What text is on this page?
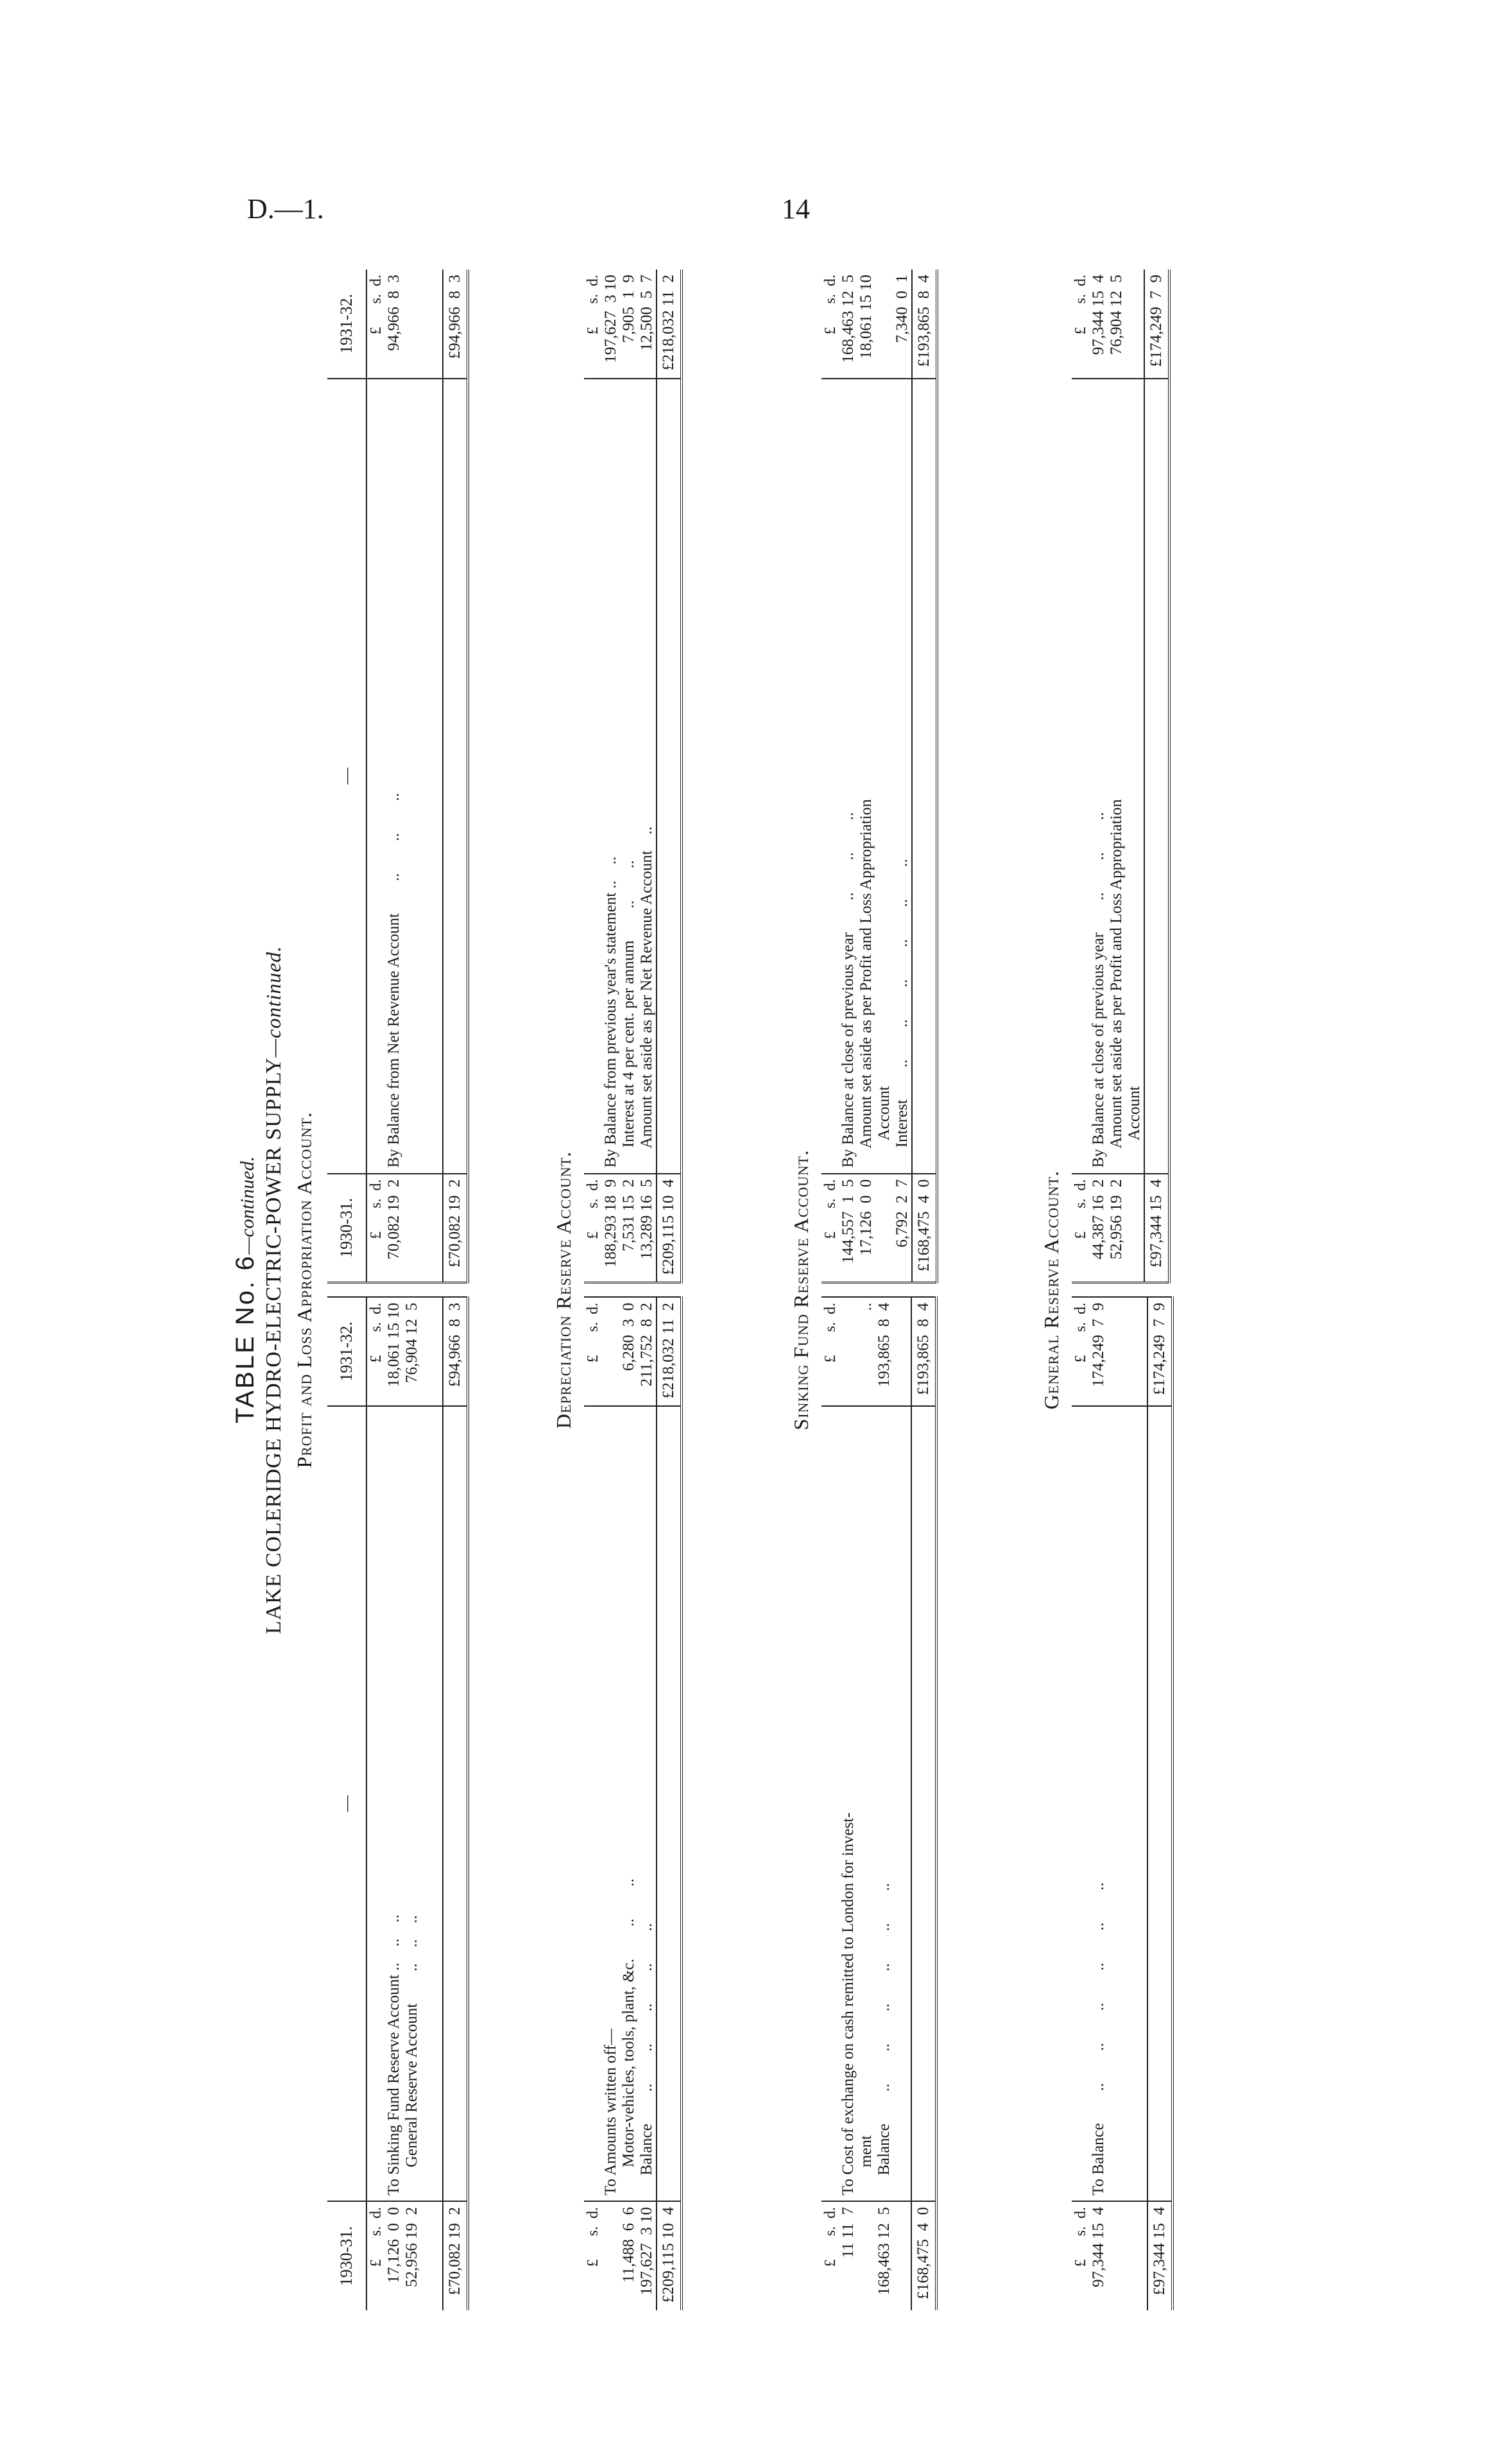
D.—1.	14
TABLE No. 6—continued. LAKE COLERIDGE HYDRO-ELECTRIC-POWER SUPPLY—continued.
Profit and Loss Appropriation Account.
1930-31.	—	1931-32.
£      s.  d.		£      s.  d.
17,126  0  0	To Sinking Fund Reserve Account ..    ..    ..	18,061 15 10
52,956 19  2	General Reserve Account        ..    ..    ..	76,904 12  5

£70,082 19  2		£94,966  8  3
1930-31.	—	1931-32.
£      s.  d.		£      s.  d.
70,082 19  2	By Balance from Net Revenue Account        ..        ..        ..	94,966  8  3

£70,082 19  2		£94,966  8  3
Depreciation Reserve Account.
£      s.  d.		£      s.  d.
	To Amounts written off—	
11,488  6  6	Motor-vehicles, tools, plant, &c.        ..        ..	6,280  3  0
197,627  3 10	Balance        ..        ..        ..        ..        ..	211,752  8  2
£209,115 10  4		£218,032 11  2
£      s.  d.		£      s.  d.
188,293 18  9	By Balance from previous year's statement ..    ..	197,627  3 10
7,531 15  2	Interest at 4 per cent. per annum        ..        ..	7,905  1  9
13,289 16  5	Amount set aside as per Net Revenue Account    ..	12,500  5  7
£209,115 10  4		£218,032 11  2
Sinking Fund Reserve Account.
£      s.  d.		£      s.  d.
11 11  7	To Cost of exchange on cash remitted to London for invest-	
	ment	..
168,463 12  5	Balance        ..        ..        ..        ..        ..        ..	193,865  8  4

£168,475  4  0		£193,865  8  4
£      s.  d.		£      s.  d.
144,557  1  5	By Balance at close of previous year        ..        ..        ..	168,463 12  5
17,126  0  0	Amount set aside as per Profit and Loss Appropriation	18,061 15 10
	Account	
6,792  2  7	Interest        ..        ..        ..        ..        ..        ..	7,340  0  1
£168,475  4  0		£193,865  8  4
General Reserve Account.
£      s.  d.		£      s.  d.
97,344 15  4	To Balance        ..        ..        ..        ..        ..        ..	174,249  7  9

£97,344 15  4		£174,249  7  9
£      s.  d.		£      s.  d.
44,387 16  2	By Balance at close of previous year        ..        ..        ..	97,344 15  4
52,956 19  2	Amount set aside as per Profit and Loss Appropriation	76,904 12  5
	Account	
£97,344 15  4		£174,249  7  9
